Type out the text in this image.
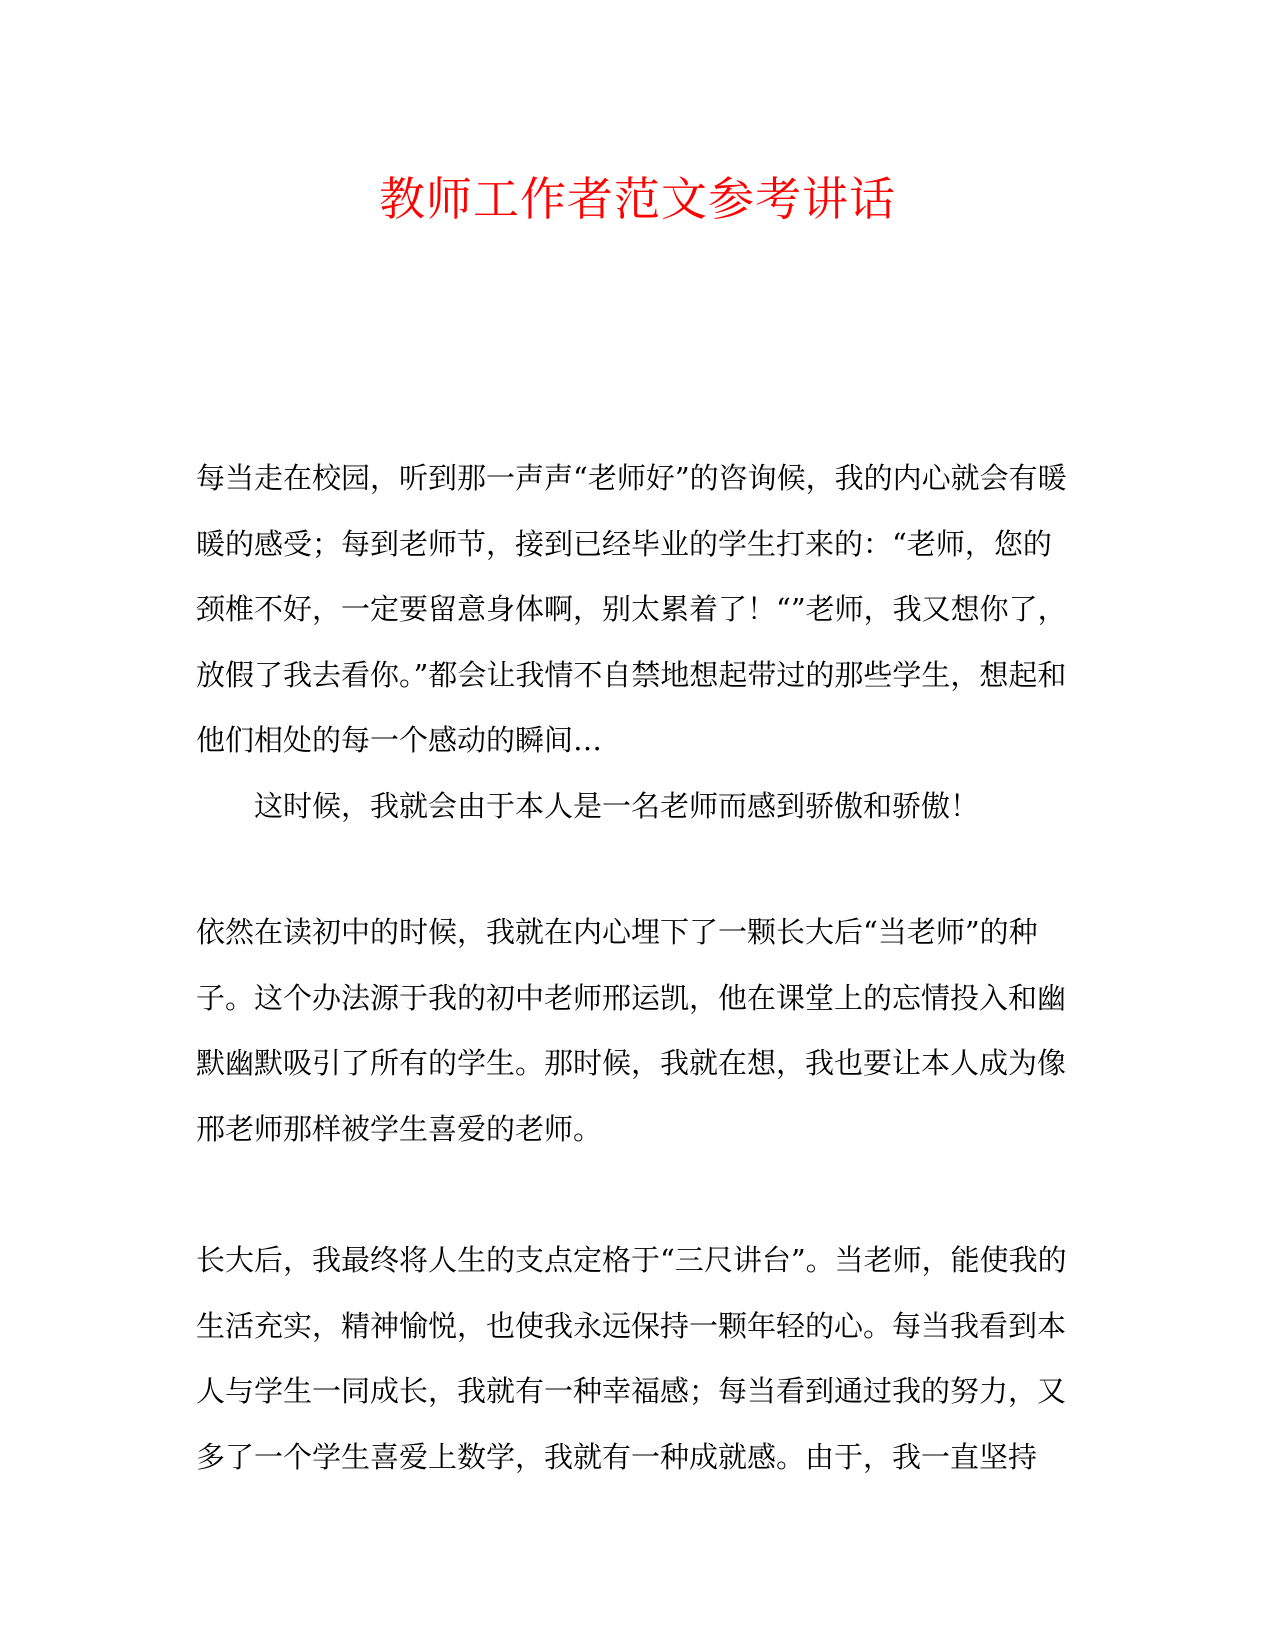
教师工作者范文参考讲话

每当走在校园，听到那一声声“老师好”的咨询候，我的内心就会有暖暖的感受；每到老师节，接到已经毕业的学生打来的：“老师，您的颈椎不好，一定要留意身体啊，别太累着了！“”老师，我又想你了，放假了我去看你。”都会让我情不自禁地想起带过的那些学生，想起和他们相处的每一个感动的瞬间…

这时候，我就会由于本人是一名老师而感到骄傲和骄傲！

依然在读初中的时候，我就在内心埋下了一颗长大后“当老师”的种子。这个办法源于我的初中老师邢运凯，他在课堂上的忘情投入和幽默幽默吸引了所有的学生。那时候，我就在想，我也要让本人成为像邢老师那样被学生喜爱的老师。

长大后，我最终将人生的支点定格于“三尺讲台”。当老师，能使我的生活充实，精神愉悦，也使我永远保持一颗年轻的心。每当我看到本人与学生一同成长，我就有一种幸福感；每当看到通过我的努力，又多了一个学生喜爱上数学，我就有一种成就感。由于，我一直坚持
